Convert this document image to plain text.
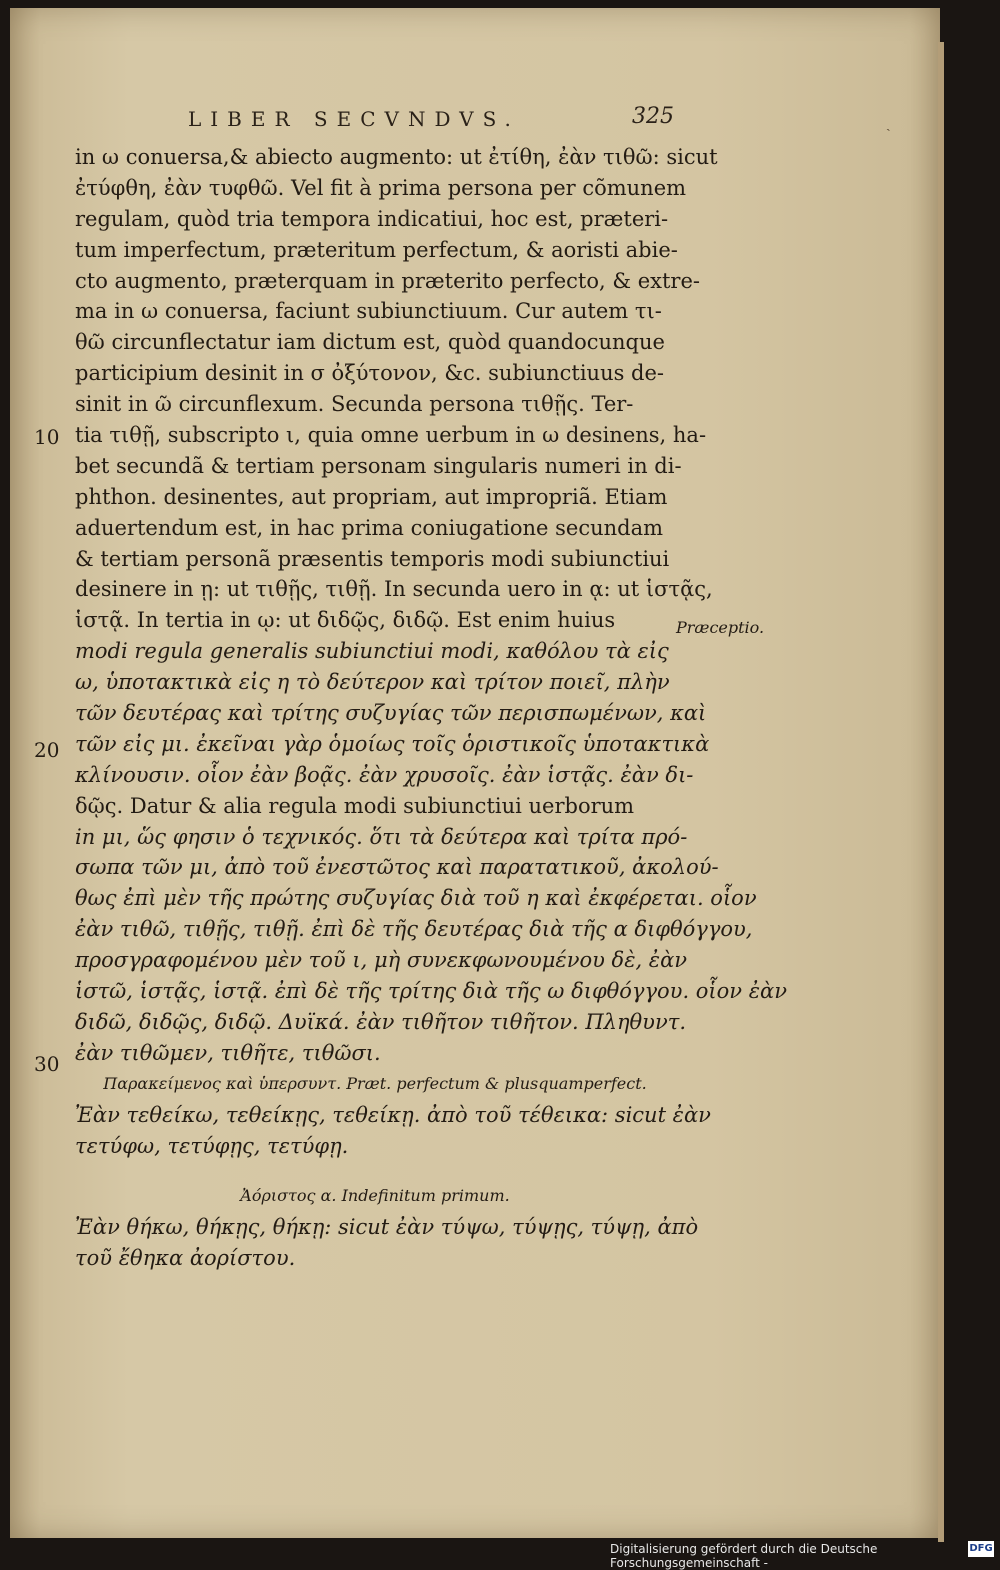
LIBER SECVNDVS.	325	ˎ
10
20
30
Præceptio.
in ω conuersa,& abiecto augmento: ut ἐτίθη, ἐὰν τιθῶ: sicut
ἐτύφθη, ἐὰν τυφθῶ. Vel fit à prima persona per cõmunem
regulam, quòd tria tempora indicatiui, hoc est, præteri-
tum imperfectum, præteritum perfectum, & aoristi abie-
cto augmento, præterquam in præterito perfecto, & extre-
ma in ω conuersa, faciunt subiunctiuum. Cur autem τι-
θῶ circunflectatur iam dictum est, quòd quandocunque
participium desinit in σ ὀξύτονον, &c. subiunctiuus de-
sinit in ῶ circunflexum. Secunda persona τιθῇς. Ter-
tia τιθῇ, subscripto ι, quia omne uerbum in ω desinens, ha-
bet secundã & tertiam personam singularis numeri in di-
phthon. desinentes, aut propriam, aut impropriã. Etiam
aduertendum est, in hac prima coniugatione secundam
& tertiam personã præsentis temporis modi subiunctiui
desinere in ῃ: ut τιθῇς, τιθῇ. In secunda uero in ᾳ: ut ἱστᾷς,
ἱστᾷ. In tertia in ῳ: ut διδῷς, διδῷ. Est enim huius
modi regula generalis subiunctiui modi, καθόλου τὰ εἰς
ω, ὑποτακτικὰ εἰς η τὸ δεύτερον καὶ τρίτον ποιεῖ, πλὴν
τῶν δευτέρας καὶ τρίτης συζυγίας τῶν περισπωμένων, καὶ
τῶν εἰς μι. ἐκεῖναι γὰρ ὁμοίως τοῖς ὁριστικοῖς ὑποτακτικὰ
κλίνουσιν. οἷον ἐὰν βοᾷς. ἐὰν χρυσοῖς. ἐὰν ἱστᾷς. ἐὰν δι-
δῷς. Datur & alia regula modi subiunctiui uerborum
in μι, ὥς φησιν ὁ τεχνικός. ὅτι τὰ δεύτερα καὶ τρίτα πρό-
σωπα τῶν μι, ἀπὸ τοῦ ἐνεστῶτος καὶ παρατατικοῦ, ἀκολού-
θως ἐπὶ μὲν τῆς πρώτης συζυγίας διὰ τοῦ η καὶ ἐκφέρεται. οἷον
ἐὰν τιθῶ, τιθῇς, τιθῇ. ἐπὶ δὲ τῆς δευτέρας διὰ τῆς α διφθόγγου,
προσγραφομένου μὲν τοῦ ι, μὴ συνεκφωνουμένου δὲ, ἐὰν
ἱστῶ, ἱστᾷς, ἱστᾷ. ἐπὶ δὲ τῆς τρίτης διὰ τῆς ω διφθόγγου. οἷον ἐὰν
διδῶ, διδῷς, διδῷ. Δυϊκά. ἐὰν τιθῆτον τιθῆτον. Πληθυντ.
ἐὰν τιθῶμεν, τιθῆτε, τιθῶσι.
Παρακείμενος καὶ ὑπερσυντ. Præt. perfectum & plusquamperfect.
Ἐὰν τεθείκω, τεθείκῃς, τεθείκῃ. ἀπὸ τοῦ τέθεικα: sicut ἐὰν
τετύφω, τετύφῃς, τετύφῃ.
Ἀόριστος α. Indefinitum primum.
Ἐὰν θήκω, θήκῃς, θήκῃ: sicut ἐὰν τύψω, τύψῃς, τύψῃ, ἀπὸ
τοῦ ἔθηκα ἀορίστου.
Digitalisierung gefördert durch die Deutsche Forschungsgemeinschaft -
DFG
